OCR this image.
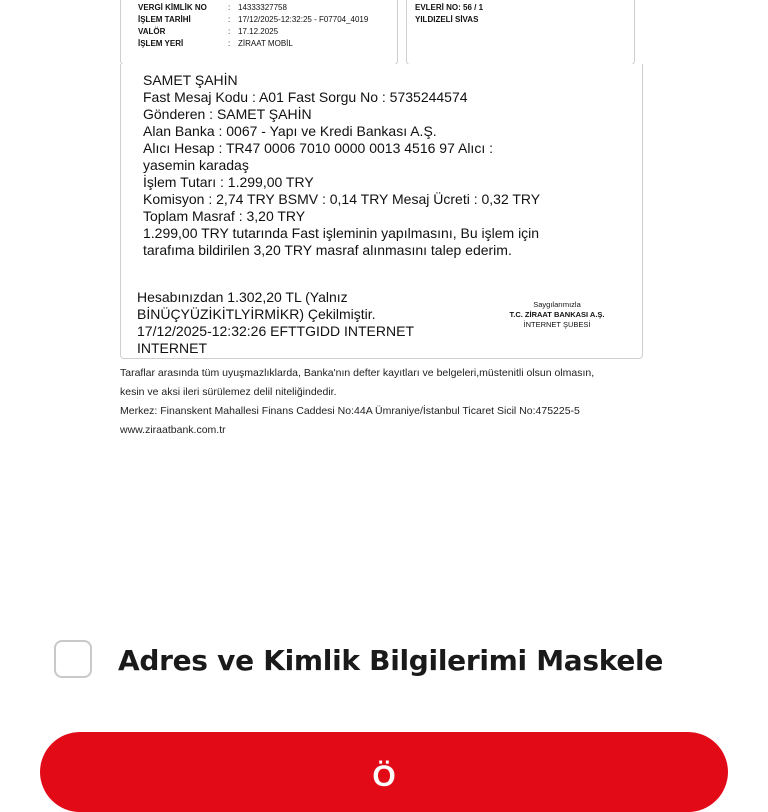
VERGİ KİMLİK NO	: 14333327758
İŞLEM TARİHİ	: 17/12/2025-12:32:25 - F07704_4019
VALÖR	: 17.12.2025
İŞLEM YERİ	: ZİRAAT MOBİL
EVLERİ NO: 56 / 1
YILDIZELİ SİVAS
SAMET ŞAHİN
Fast Mesaj Kodu : A01 Fast Sorgu No : 5735244574
Gönderen : SAMET ŞAHİN
Alan Banka : 0067 - Yapı ve Kredi Bankası A.Ş.
Alıcı Hesap : TR47 0006 7010 0000 0013 4516 97 Alıcı :
yasemin karadaş
İşlem Tutarı : 1.299,00 TRY
Komisyon : 2,74 TRY BSMV : 0,14 TRY Mesaj Ücreti : 0,32 TRY
Toplam Masraf : 3,20 TRY
1.299,00 TRY tutarında Fast işleminin yapılmasını, Bu işlem için
tarafıma bildirilen 3,20 TRY masraf alınmasını talep ederim.
Hesabınızdan 1.302,20 TL (Yalnız
BİNÜÇYÜZİKİTLYİRMİKR) Çekilmiştir.
17/12/2025-12:32:26 EFTTGIDD INTERNET
INTERNET
Saygılarımızla
T.C. ZİRAAT BANKASI A.Ş.
İNTERNET ŞUBESİ
Taraflar arasında tüm uyuşmazlıklarda, Banka'nın defter kayıtları ve belgeleri,müstenitli olsun olmasın,
kesin ve aksi ileri sürülemez delil niteliğindedir.
Merkez: Finanskent Mahallesi Finans Caddesi No:44A Ümraniye/İstanbul Ticaret Sicil No:475225-5
www.ziraatbank.com.tr
Adres ve Kimlik Bilgilerimi Maskele
Ö
